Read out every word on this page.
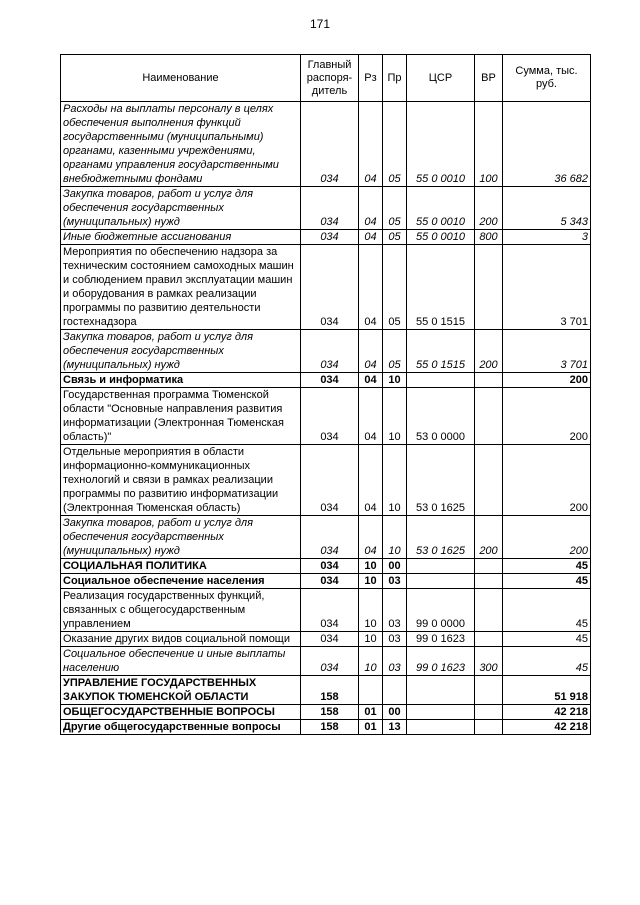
171
Наименование	Главный распоря-дитель	Рз	Пр	ЦСР	ВР	Сумма, тыс. руб.
Расходы на выплаты персоналу в целях обеспечения выполнения функций государственными (муниципальными) органами, казенными учреждениями, органами управления государственными внебюджетными фондами	034	04	05	55 0 0010	100	36 682
Закупка товаров, работ и услуг для обеспечения государственных (муниципальных) нужд	034	04	05	55 0 0010	200	5 343
Иные бюджетные ассигнования	034	04	05	55 0 0010	800	3
Мероприятия по обеспечению надзора за техническим состоянием самоходных машин и соблюдением правил эксплуатации машин и оборудования в рамках реализации программы по развитию деятельности гостехнадзора	034	04	05	55 0 1515		3 701
Закупка товаров, работ и услуг для обеспечения государственных (муниципальных) нужд	034	04	05	55 0 1515	200	3 701
Связь и информатика	034	04	10			200
Государственная программа Тюменской области "Основные направления развития информатизации (Электронная Тюменская область)"	034	04	10	53 0 0000		200
Отдельные мероприятия в области информационно-коммуникационных технологий и связи в рамках реализации программы по развитию информатизации (Электронная Тюменская область)	034	04	10	53 0 1625		200
Закупка товаров, работ и услуг для обеспечения государственных (муниципальных) нужд	034	04	10	53 0 1625	200	200
СОЦИАЛЬНАЯ ПОЛИТИКА	034	10	00			45
Социальное обеспечение населения	034	10	03			45
Реализация государственных функций, связанных с общегосударственным управлением	034	10	03	99 0 0000		45
Оказание других видов социальной помощи	034	10	03	99 0 1623		45
Социальное обеспечение и иные выплаты населению	034	10	03	99 0 1623	300	45
УПРАВЛЕНИЕ ГОСУДАРСТВЕННЫХ ЗАКУПОК ТЮМЕНСКОЙ ОБЛАСТИ	158					51 918
ОБЩЕГОСУДАРСТВЕННЫЕ ВОПРОСЫ	158	01	00			42 218
Другие общегосударственные вопросы	158	01	13			42 218
